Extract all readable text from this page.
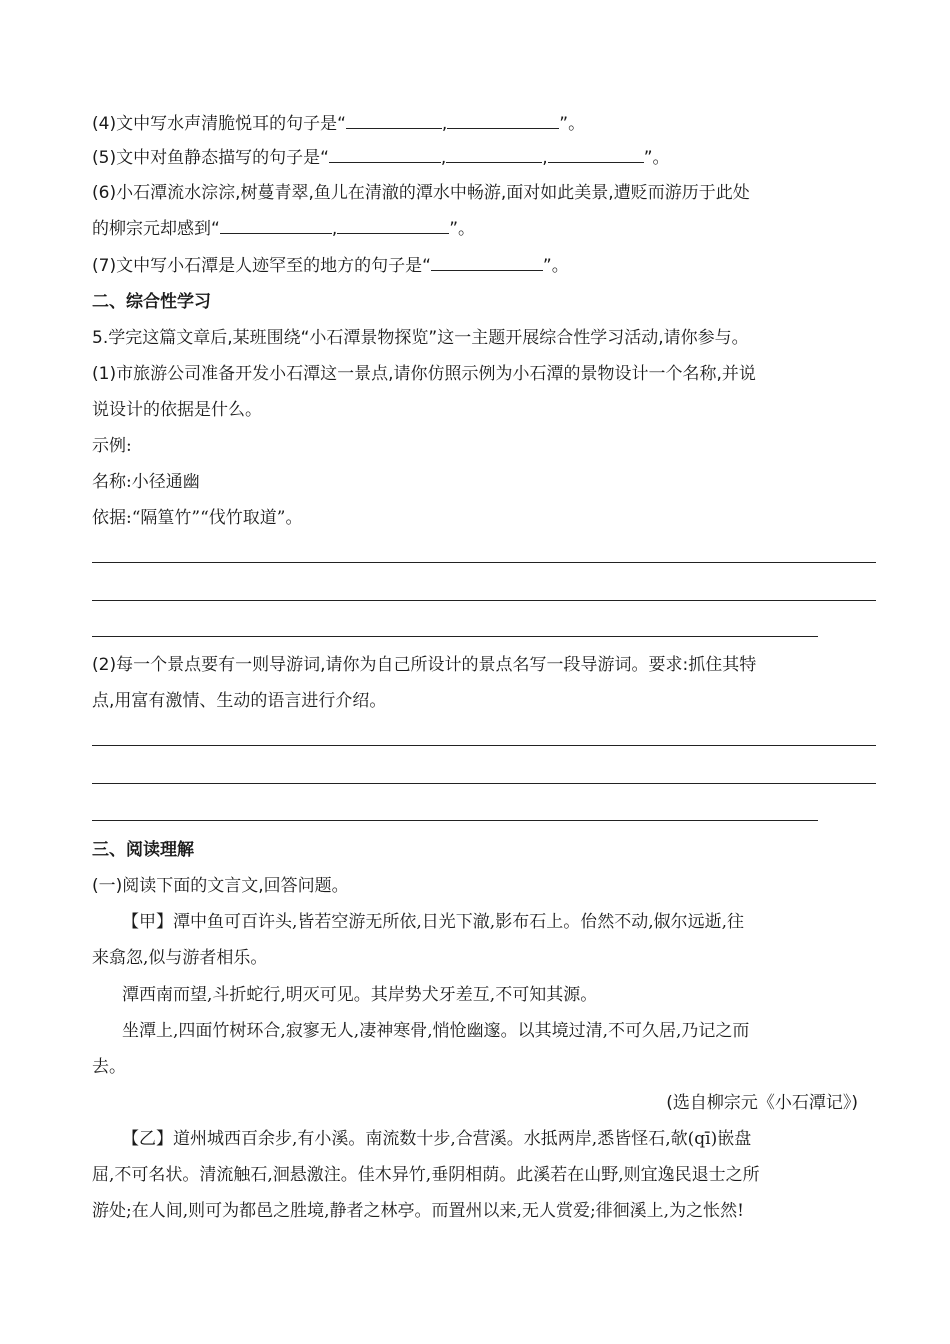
(4)文中写水声清脆悦耳的句子是“	,	”。
(5)文中对鱼静态描写的句子是“	,	,	”。
(6)小石潭流水淙淙,树蔓青翠,鱼儿在清澈的潭水中畅游,面对如此美景,遭贬而游历于此处
的柳宗元却感到“	,	”。
(7)文中写小石潭是人迹罕至的地方的句子是“	”。
二、综合性学习
5.学完这篇文章后,某班围绕“小石潭景物探览”这一主题开展综合性学习活动,请你参与。
(1)市旅游公司准备开发小石潭这一景点,请你仿照示例为小石潭的景物设计一个名称,并说
说设计的依据是什么。
示例:
名称:小径通幽
依据:“隔篁竹”“伐竹取道”。
(2)每一个景点要有一则导游词,请你为自己所设计的景点名写一段导游词。要求:抓住其特
点,用富有激情、生动的语言进行介绍。
三、阅读理解
(一)阅读下面的文言文,回答问题。
【甲】潭中鱼可百许头,皆若空游无所依,日光下澈,影布石上。佁然不动,俶尔远逝,往
来翕忽,似与游者相乐。
潭西南而望,斗折蛇行,明灭可见。其岸势犬牙差互,不可知其源。
坐潭上,四面竹树环合,寂寥无人,凄神寒骨,悄怆幽邃。以其境过清,不可久居,乃记之而
去。
(选自柳宗元《小石潭记》)
【乙】道州城西百余步,有小溪。南流数十步,合营溪。水抵两岸,悉皆怪石,欹(qī)嵌盘
屈,不可名状。清流触石,洄悬激注。佳木异竹,垂阴相荫。此溪若在山野,则宜逸民退士之所
游处;在人间,则可为都邑之胜境,静者之林亭。而置州以来,无人赏爱;徘徊溪上,为之怅然!
